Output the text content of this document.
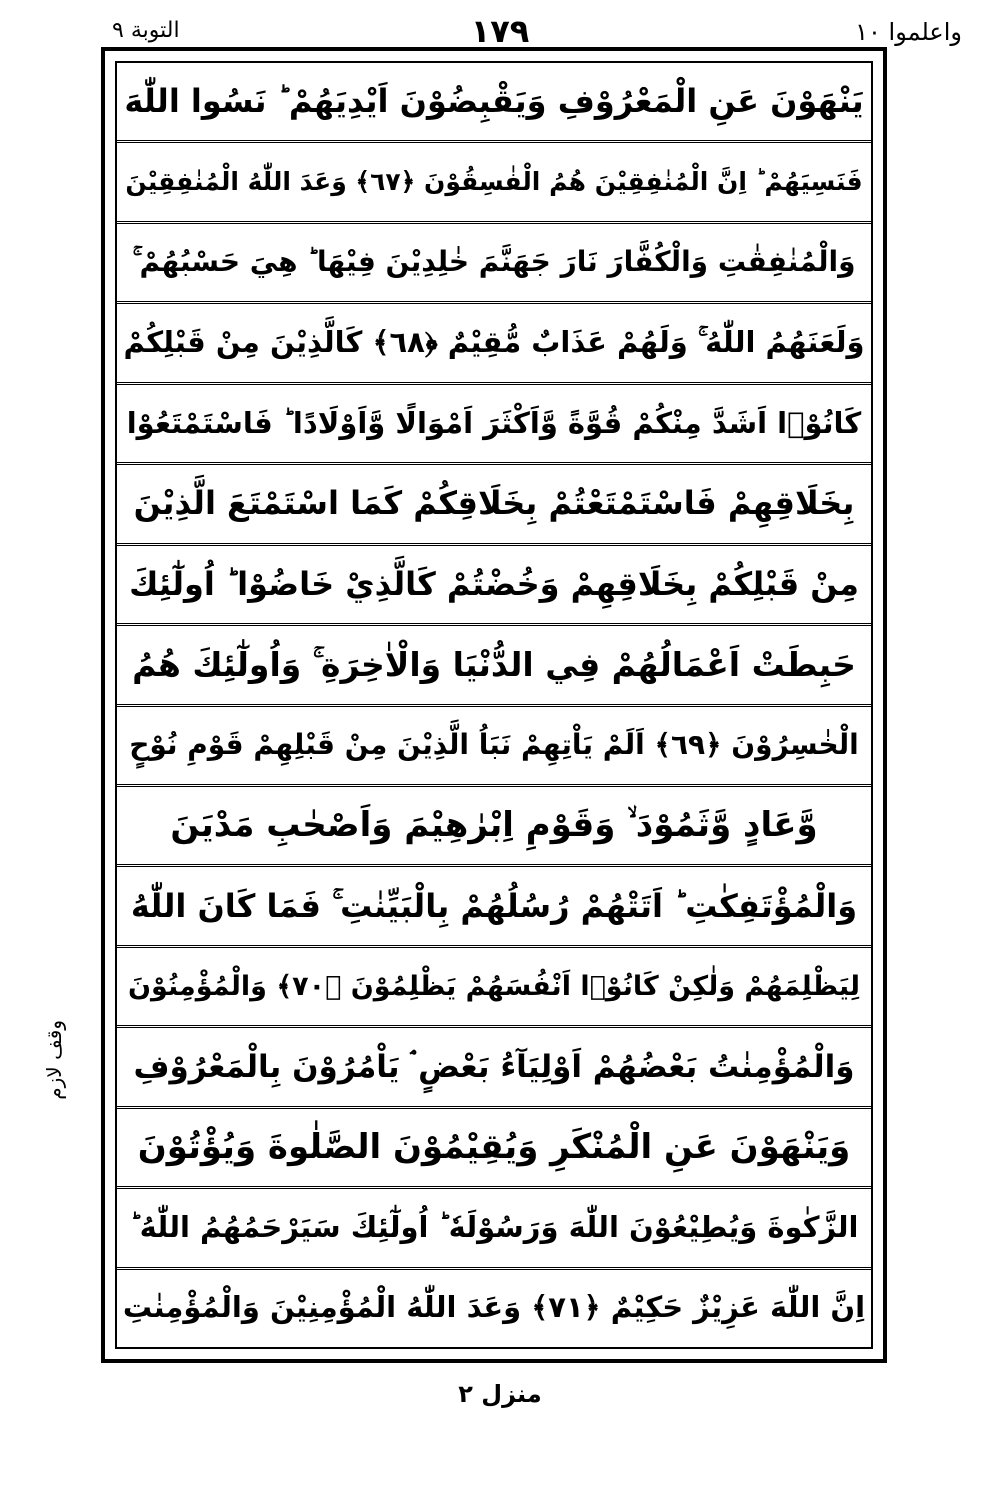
التوبة ٩	١٧٩	واعلموا ١٠
وقف لازم
يَنْهَوْنَ عَنِ الْمَعْرُوْفِ وَيَقْبِضُوْنَ اَيْدِيَهُمْ ؕ نَسُوا اللّٰهَ
فَنَسِيَهُمْ ؕ اِنَّ الْمُنٰفِقِيْنَ هُمُ الْفٰسِقُوْنَ ﴿٦٧﴾ وَعَدَ اللّٰهُ الْمُنٰفِقِيْنَ
وَالْمُنٰفِقٰتِ وَالْكُفَّارَ نَارَ جَهَنَّمَ خٰلِدِيْنَ فِيْهَا ؕ هِيَ حَسْبُهُمْ ۚ
وَلَعَنَهُمُ اللّٰهُ ۚ وَلَهُمْ عَذَابٌ مُّقِيْمٌ ﴿٦٨﴾ كَالَّذِيْنَ مِنْ قَبْلِكُمْ
كَانُوْۤا اَشَدَّ مِنْكُمْ قُوَّةً وَّاَكْثَرَ اَمْوَالًا وَّاَوْلَادًا ؕ فَاسْتَمْتَعُوْا
بِخَلَاقِهِمْ فَاسْتَمْتَعْتُمْ بِخَلَاقِكُمْ كَمَا اسْتَمْتَعَ الَّذِيْنَ
مِنْ قَبْلِكُمْ بِخَلَاقِهِمْ وَخُضْتُمْ كَالَّذِيْ خَاضُوْا ؕ اُولٰٓئِكَ
حَبِطَتْ اَعْمَالُهُمْ فِي الدُّنْيَا وَالْاٰخِرَةِ ۚ وَاُولٰٓئِكَ هُمُ
الْخٰسِرُوْنَ ﴿٦٩﴾ اَلَمْ يَاْتِهِمْ نَبَاُ الَّذِيْنَ مِنْ قَبْلِهِمْ قَوْمِ نُوْحٍ
وَّعَادٍ وَّثَمُوْدَ ۙ وَقَوْمِ اِبْرٰهِيْمَ وَاَصْحٰبِ مَدْيَنَ
وَالْمُؤْتَفِكٰتِ ؕ اَتَتْهُمْ رُسُلُهُمْ بِالْبَيِّنٰتِ ۚ فَمَا كَانَ اللّٰهُ
لِيَظْلِمَهُمْ وَلٰكِنْ كَانُوْۤا اَنْفُسَهُمْ يَظْلِمُوْنَ ﴿٧٠﴾ وَالْمُؤْمِنُوْنَ
وَالْمُؤْمِنٰتُ بَعْضُهُمْ اَوْلِيَآءُ بَعْضٍ ۘ يَاْمُرُوْنَ بِالْمَعْرُوْفِ
وَيَنْهَوْنَ عَنِ الْمُنْكَرِ وَيُقِيْمُوْنَ الصَّلٰوةَ وَيُؤْتُوْنَ
الزَّكٰوةَ وَيُطِيْعُوْنَ اللّٰهَ وَرَسُوْلَهٗ ؕ اُولٰٓئِكَ سَيَرْحَمُهُمُ اللّٰهُ ؕ
اِنَّ اللّٰهَ عَزِيْزٌ حَكِيْمٌ ﴿٧١﴾ وَعَدَ اللّٰهُ الْمُؤْمِنِيْنَ وَالْمُؤْمِنٰتِ
منزل ٢
